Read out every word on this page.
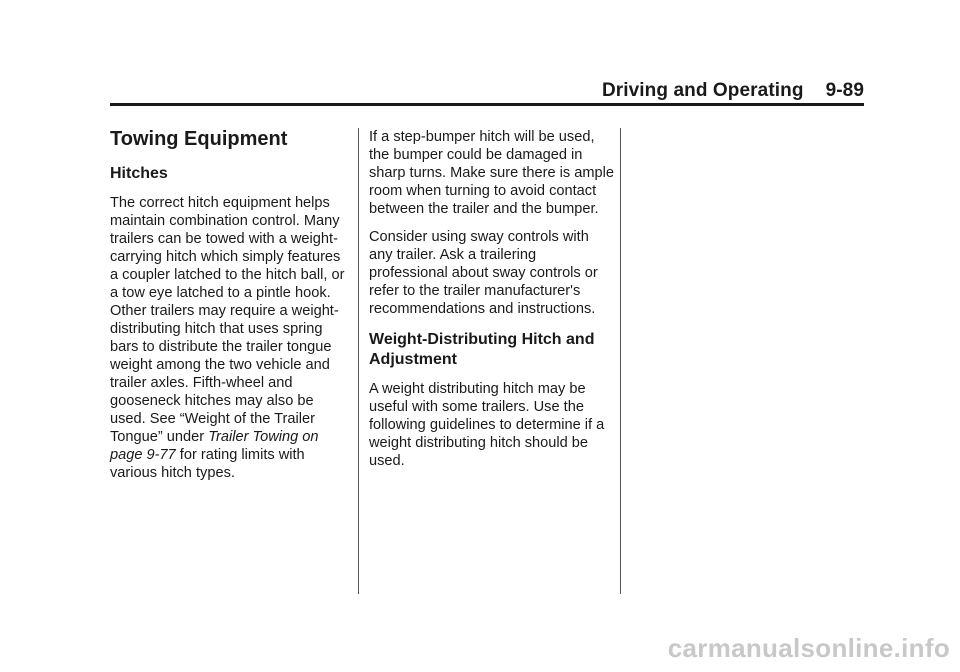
Driving and Operating 9-89
Towing Equipment
Hitches

The correct hitch equipment helps maintain combination control. Many trailers can be towed with a weight-carrying hitch which simply features a coupler latched to the hitch ball, or a tow eye latched to a pintle hook. Other trailers may require a weight-distributing hitch that uses spring bars to distribute the trailer tongue weight among the two vehicle and trailer axles. Fifth-wheel and gooseneck hitches may also be used. See “Weight of the Trailer Tongue” under Trailer Towing on page 9‑77 for rating limits with various hitch types.

If a step-bumper hitch will be used, the bumper could be damaged in sharp turns. Make sure there is ample room when turning to avoid contact between the trailer and the bumper.

Consider using sway controls with any trailer. Ask a trailering professional about sway controls or refer to the trailer manufacturer's recommendations and instructions.

Weight-Distributing Hitch and Adjustment

A weight distributing hitch may be useful with some trailers. Use the following guidelines to determine if a weight distributing hitch should be used.

carmanualsonline.info
